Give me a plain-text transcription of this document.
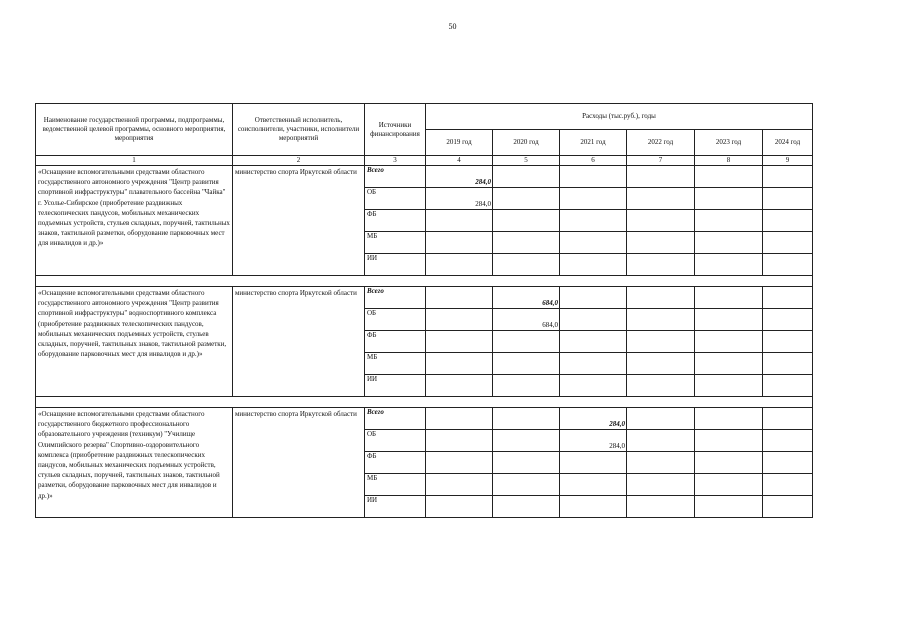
50
Наименование государственной программы, подпрограммы, ведомственной целевой программы, основного мероприятия, мероприятия	Ответственный исполнитель, соисполнители, участники, исполнители мероприятий	Источники финансирования	Расходы (тыс.руб.), годы					
			2019 год	2020 год	2021 год	2022 год	2023 год	2024 год
1	2	3	4	5	6	7	8	9
«Оснащение вспомогательными средствами областного государственного автономного учреждения "Центр развития спортивной инфраструктуры" плавательного бассейна "Чайка" г. Усолье-Сибирское (приобретение раздвижных телескопических пандусов, мобильных механических подъемных устройств, стульев складных, поручней, тактильных знаков, тактильной разметки, оборудование парковочных мест для инвалидов и др.)»	министерство спорта Иркутской области	Всего	284,0					
		ОБ	284,0					
		ФБ						
		МБ						
		ИИ						

«Оснащение вспомогательными средствами областного государственного автономного учреждения "Центр развития спортивной инфраструктуры" водноспортивного комплекса (приобретение раздвижных телескопических пандусов, мобильных механических подъемных устройств, стульев складных, поручней, тактильных знаков, тактильной разметки, оборудование парковочных мест для инвалидов и др.)»	министерство спорта Иркутской области	Всего		684,0				
		ОБ		684,0				
		ФБ						
		МБ						
		ИИ						

«Оснащение вспомогательными средствами областного государственного бюджетного профессионального образовательного учреждения (техникум) "Училище Олимпийского резерва" Спортивно-оздоровительного комплекса (приобретение раздвижных телескопических пандусов, мобильных механических подъемных устройств, стульев складных, поручней, тактильных знаков, тактильной разметки, оборудование парковочных мест для инвалидов и др.)»	министерство спорта Иркутской области	Всего			284,0			
		ОБ			284,0			
		ФБ						
		МБ						
		ИИ						
